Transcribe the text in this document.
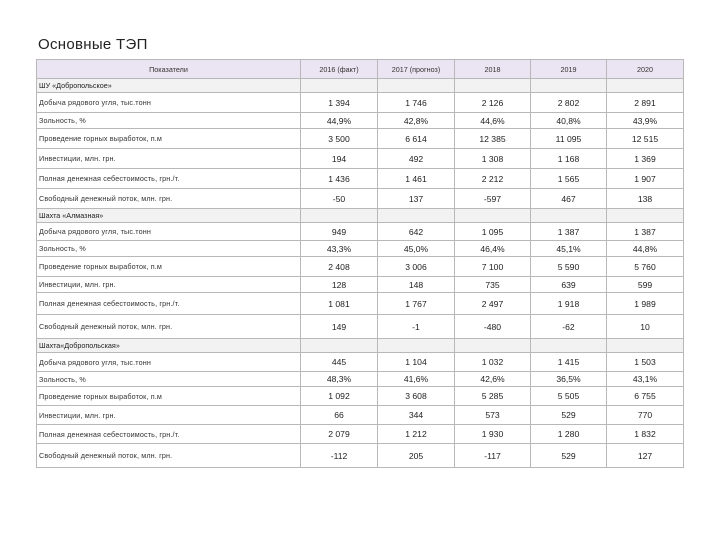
Основные ТЭП
Показатели	2016 (факт)	2017 (прогноз)	2018	2019	2020
ШУ «Добропольское»					
Добыча рядового угля, тыс.тонн	1 394	1 746	2 126	2 802	2 891
Зольность, %	44,9%	42,8%	44,6%	40,8%	43,9%
Проведение горных выработок, п.м	3 500	6 614	12 385	11 095	12 515
Инвестиции, млн. грн.	194	492	1 308	1 168	1 369
Полная денежная себестоимость, грн./т.	1 436	1 461	2 212	1 565	1 907
Свободный денежный поток, млн. грн.	-50	137	-597	467	138
Шахта «Алмазная»					
Добыча рядового угля, тыс.тонн	949	642	1 095	1 387	1 387
Зольность, %	43,3%	45,0%	46,4%	45,1%	44,8%
Проведение горных выработок, п.м	2 408	3 006	7 100	5 590	5 760
Инвестиции, млн. грн.	128	148	735	639	599
Полная денежная себестоимость, грн./т.	1 081	1 767	2 497	1 918	1 989
Свободный денежный поток, млн. грн.	149	-1	-480	-62	10
Шахта«Добропольская»					
Добыча рядового угля, тыс.тонн	445	1 104	1 032	1 415	1 503
Зольность, %	48,3%	41,6%	42,6%	36,5%	43,1%
Проведение горных выработок, п.м	1 092	3 608	5 285	5 505	6 755
Инвестиции, млн. грн.	66	344	573	529	770
Полная денежная себестоимость, грн./т.	2 079	1 212	1 930	1 280	1 832
Свободный денежный поток, млн. грн.	-112	205	-117	529	127
